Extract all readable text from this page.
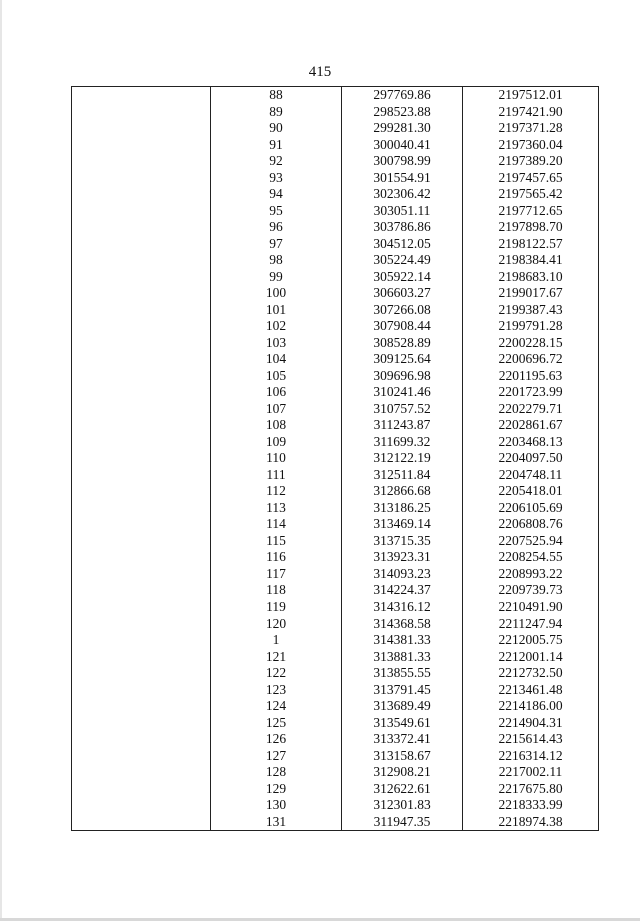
415
	88	297769.86	2197512.01
	89	298523.88	2197421.90
	90	299281.30	2197371.28
	91	300040.41	2197360.04
	92	300798.99	2197389.20
	93	301554.91	2197457.65
	94	302306.42	2197565.42
	95	303051.11	2197712.65
	96	303786.86	2197898.70
	97	304512.05	2198122.57
	98	305224.49	2198384.41
	99	305922.14	2198683.10
	100	306603.27	2199017.67
	101	307266.08	2199387.43
	102	307908.44	2199791.28
	103	308528.89	2200228.15
	104	309125.64	2200696.72
	105	309696.98	2201195.63
	106	310241.46	2201723.99
	107	310757.52	2202279.71
	108	311243.87	2202861.67
	109	311699.32	2203468.13
	110	312122.19	2204097.50
	111	312511.84	2204748.11
	112	312866.68	2205418.01
	113	313186.25	2206105.69
	114	313469.14	2206808.76
	115	313715.35	2207525.94
	116	313923.31	2208254.55
	117	314093.23	2208993.22
	118	314224.37	2209739.73
	119	314316.12	2210491.90
	120	314368.58	2211247.94
	1	314381.33	2212005.75
	121	313881.33	2212001.14
	122	313855.55	2212732.50
	123	313791.45	2213461.48
	124	313689.49	2214186.00
	125	313549.61	2214904.31
	126	313372.41	2215614.43
	127	313158.67	2216314.12
	128	312908.21	2217002.11
	129	312622.61	2217675.80
	130	312301.83	2218333.99
	131	311947.35	2218974.38
